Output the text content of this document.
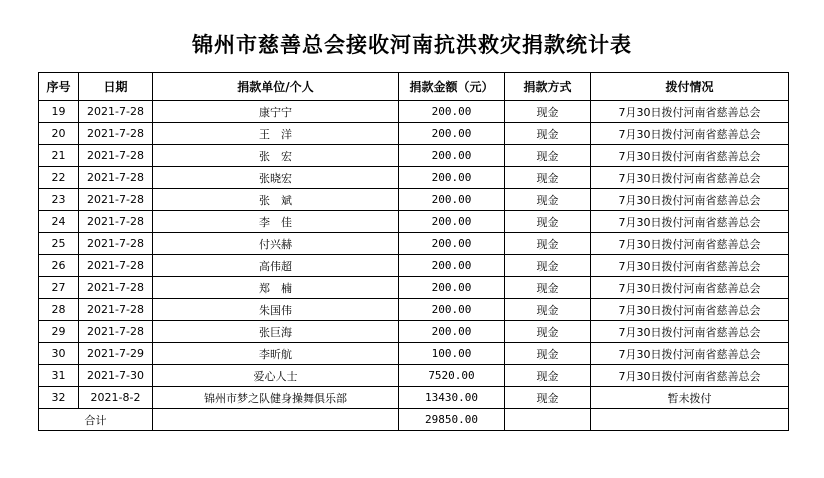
锦州市慈善总会接收河南抗洪救灾捐款统计表
序号	日期	捐款单位/个人	捐款金额（元）	捐款方式	拨付情况
19	2021-7-28	康宁宁	200.00	现金	7月30日拨付河南省慈善总会
20	2021-7-28	王　洋	200.00	现金	7月30日拨付河南省慈善总会
21	2021-7-28	张　宏	200.00	现金	7月30日拨付河南省慈善总会
22	2021-7-28	张晓宏	200.00	现金	7月30日拨付河南省慈善总会
23	2021-7-28	张　斌	200.00	现金	7月30日拨付河南省慈善总会
24	2021-7-28	李　佳	200.00	现金	7月30日拨付河南省慈善总会
25	2021-7-28	付兴赫	200.00	现金	7月30日拨付河南省慈善总会
26	2021-7-28	高伟超	200.00	现金	7月30日拨付河南省慈善总会
27	2021-7-28	郑　楠	200.00	现金	7月30日拨付河南省慈善总会
28	2021-7-28	朱国伟	200.00	现金	7月30日拨付河南省慈善总会
29	2021-7-28	张巨海	200.00	现金	7月30日拨付河南省慈善总会
30	2021-7-29	李昕航	100.00	现金	7月30日拨付河南省慈善总会
31	2021-7-30	爱心人士	7520.00	现金	7月30日拨付河南省慈善总会
32	2021-8-2	锦州市梦之队健身操舞俱乐部	13430.00	现金	暂未拨付
合计			29850.00		
